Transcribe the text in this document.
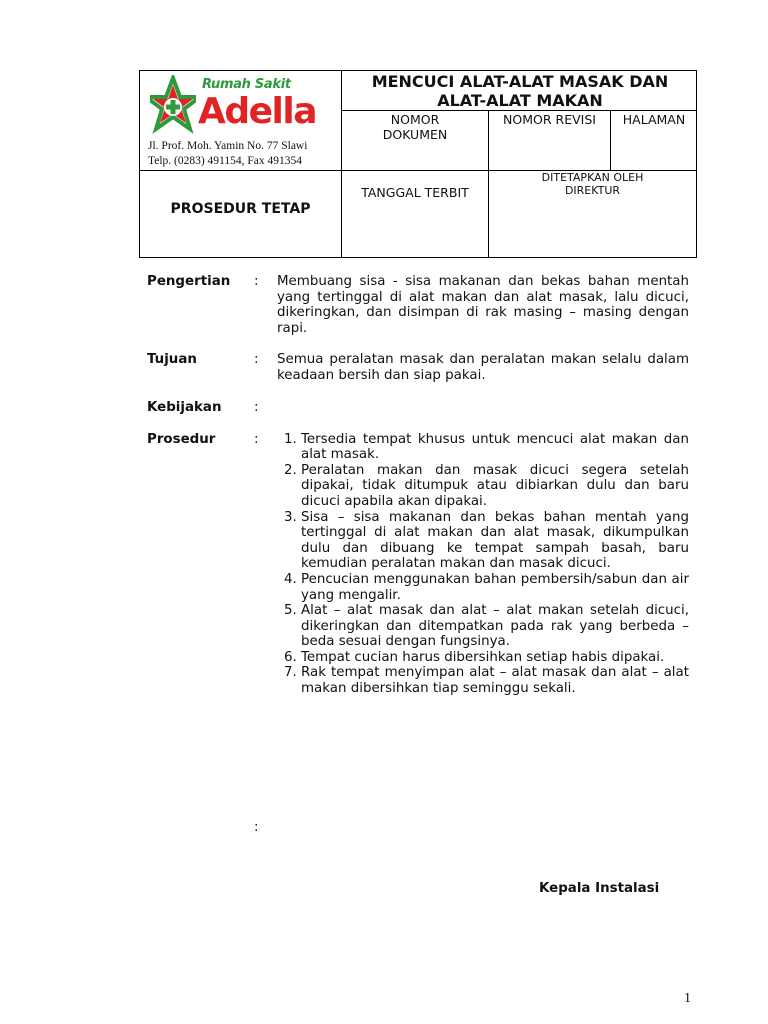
Rumah Sakit
Adella
Jl. Prof. Moh. Yamin No. 77 Slawi
Telp. (0283) 491154, Fax 491354
MENCUCI ALAT-ALAT MASAK DAN
ALAT-ALAT MAKAN
NOMOR
DOKUMEN
NOMOR REVISI	HALAMAN
PROSEDUR TETAP
TANGGAL TERBIT
DITETAPKAN OLEH
DIREKTUR
Pengertian : Membuang sisa - sisa makanan dan bekas bahan mentah yang tertinggal di alat makan dan alat masak, lalu dicuci, dikeringkan, dan disimpan di rak masing – masing dengan rapi.
Tujuan	: Semua peralatan masak dan peralatan makan selalu dalam keadaan bersih dan siap pakai.
Kebijakan :
Prosedur	:
1.	Tersedia tempat khusus untuk mencuci alat makan dan alat masak.
2. Peralatan makan dan masak dicuci segera setelah dipakai, tidak ditumpuk atau dibiarkan dulu dan baru dicuci apabila akan dipakai.
3. Sisa – sisa makanan dan bekas bahan mentah yang tertinggal di alat makan dan alat masak, dikumpulkan dulu dan dibuang ke tempat sampah basah, baru kemudian peralatan makan dan masak dicuci.
4. Pencucian menggunakan bahan pembersih/sabun dan air yang mengalir.
5. Alat – alat masak dan alat – alat makan setelah dicuci, dikeringkan dan ditempatkan pada rak yang berbeda – beda sesuai dengan fungsinya.
6. Tempat cucian harus dibersihkan setiap habis dipakai.
7. Rak tempat menyimpan alat – alat masak dan alat – alat makan dibersihkan tiap seminggu sekali.
:
Kepala Instalasi
1
